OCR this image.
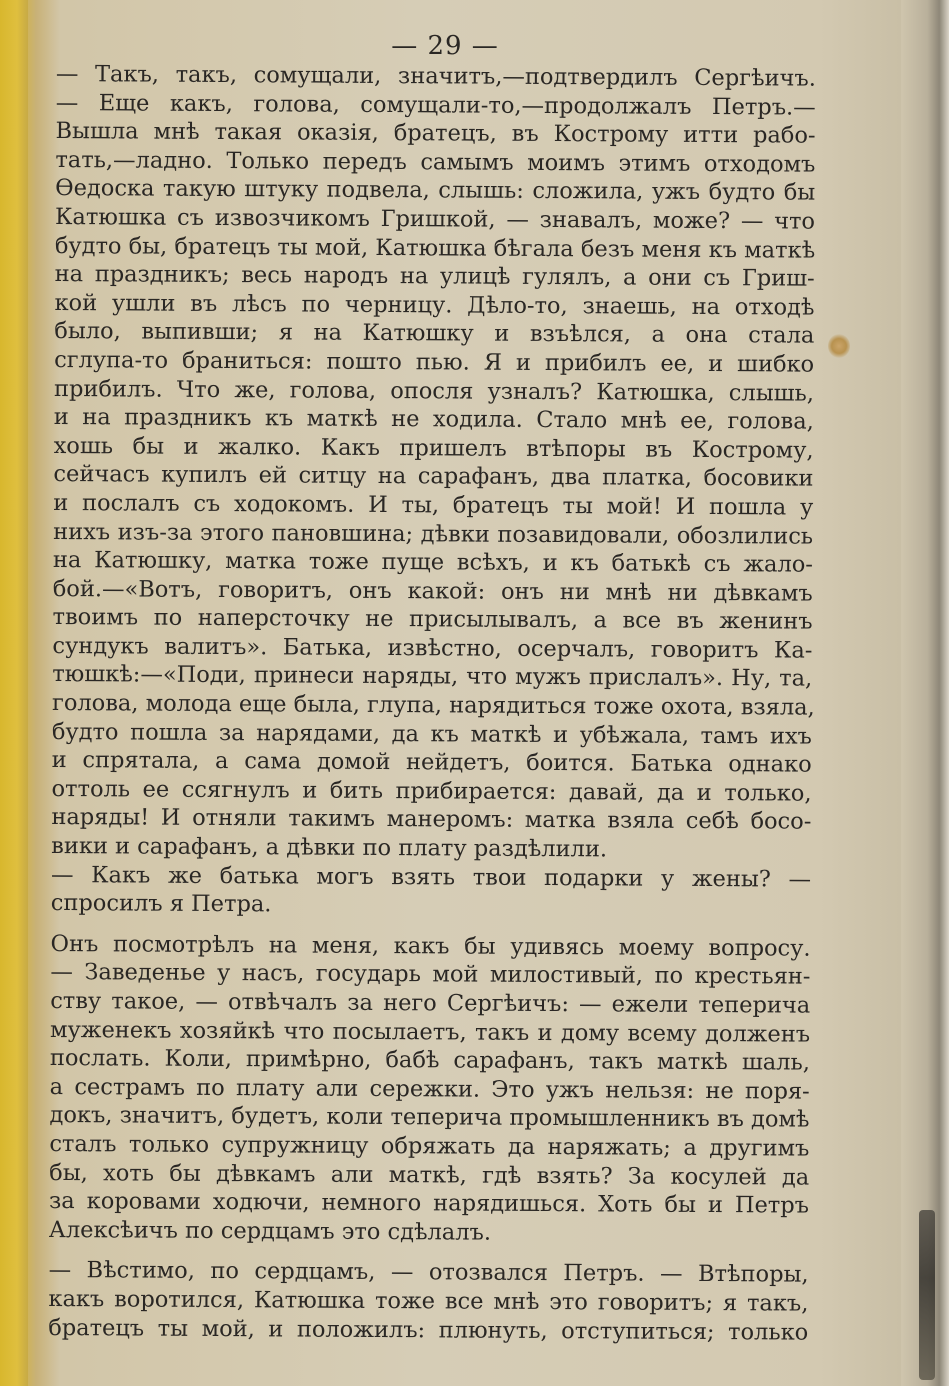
— 29 —
— Такъ, такъ, сомущали, значитъ,—подтвердилъ Сергѣичъ.
— Еще какъ, голова, сомущали-то,—продолжалъ Петръ.—
Вышла мнѣ такая оказія, братецъ, въ Кострому итти рабо-
тать,—ладно. Только передъ самымъ моимъ этимъ отходомъ
Ѳедоска такую штуку подвела, слышь: сложила, ужъ будто бы
Катюшка съ извозчикомъ Гришкой, — знавалъ, може? — что
будто бы, братецъ ты мой, Катюшка бѣгала безъ меня къ маткѣ
на праздникъ; весь народъ на улицѣ гулялъ, а они съ Гриш-
кой ушли въ лѣсъ по черницу. Дѣло-то, знаешь, на отходѣ
было, выпивши; я на Катюшку и взъѣлся, а она стала
сглупа-то браниться: пошто пью. Я и прибилъ ее, и шибко
прибилъ. Что же, голова, опосля узналъ? Катюшка, слышь,
и на праздникъ къ маткѣ не ходила. Стало мнѣ ее, голова,
хошь бы и жалко. Какъ пришелъ втѣпоры въ Кострому,
сейчасъ купилъ ей ситцу на сарафанъ, два платка, босовики
и послалъ съ ходокомъ. И ты, братецъ ты мой! И пошла у
нихъ изъ-за этого пановшина; дѣвки позавидовали, обозлились
на Катюшку, матка тоже пуще всѣхъ, и къ батькѣ съ жало-
бой.—«Вотъ, говоритъ, онъ какой: онъ ни мнѣ ни дѣвкамъ
твоимъ по наперсточку не присылывалъ, а все въ женинъ
сундукъ валитъ». Батька, извѣстно, осерчалъ, говоритъ Ка-
тюшкѣ:—«Поди, принеси наряды, что мужъ прислалъ». Ну, та,
голова, молода еще была, глупа, нарядиться тоже охота, взяла,
будто пошла за нарядами, да къ маткѣ и убѣжала, тамъ ихъ
и спрятала, а сама домой нейдетъ, боится. Батька однако
оттоль ее ссягнулъ и бить прибирается: давай, да и только,
наряды! И отняли такимъ манеромъ: матка взяла себѣ босо-
вики и сарафанъ, а дѣвки по плату раздѣлили.
— Какъ же батька могъ взять твои подарки у жены? —
спросилъ я Петра.
Онъ посмотрѣлъ на меня, какъ бы удивясь моему вопросу.
— Заведенье у насъ, государь мой милостивый, по крестьян-
ству такое, — отвѣчалъ за него Сергѣичъ: — ежели теперича
муженекъ хозяйкѣ что посылаетъ, такъ и дому всему долженъ
послать. Коли, примѣрно, бабѣ сарафанъ, такъ маткѣ шаль,
а сестрамъ по плату али сережки. Это ужъ нельзя: не поря-
докъ, значитъ, будетъ, коли теперича промышленникъ въ домѣ
сталъ только супружницу обряжать да наряжать; а другимъ
бы, хоть бы дѣвкамъ али маткѣ, гдѣ взять? За косулей да
за коровами ходючи, немного нарядишься. Хоть бы и Петръ
Алексѣичъ по сердцамъ это сдѣлалъ.
— Вѣстимо, по сердцамъ, — отозвался Петръ. — Втѣпоры,
какъ воротился, Катюшка тоже все мнѣ это говоритъ; я такъ,
братецъ ты мой, и положилъ: плюнуть, отступиться; только
